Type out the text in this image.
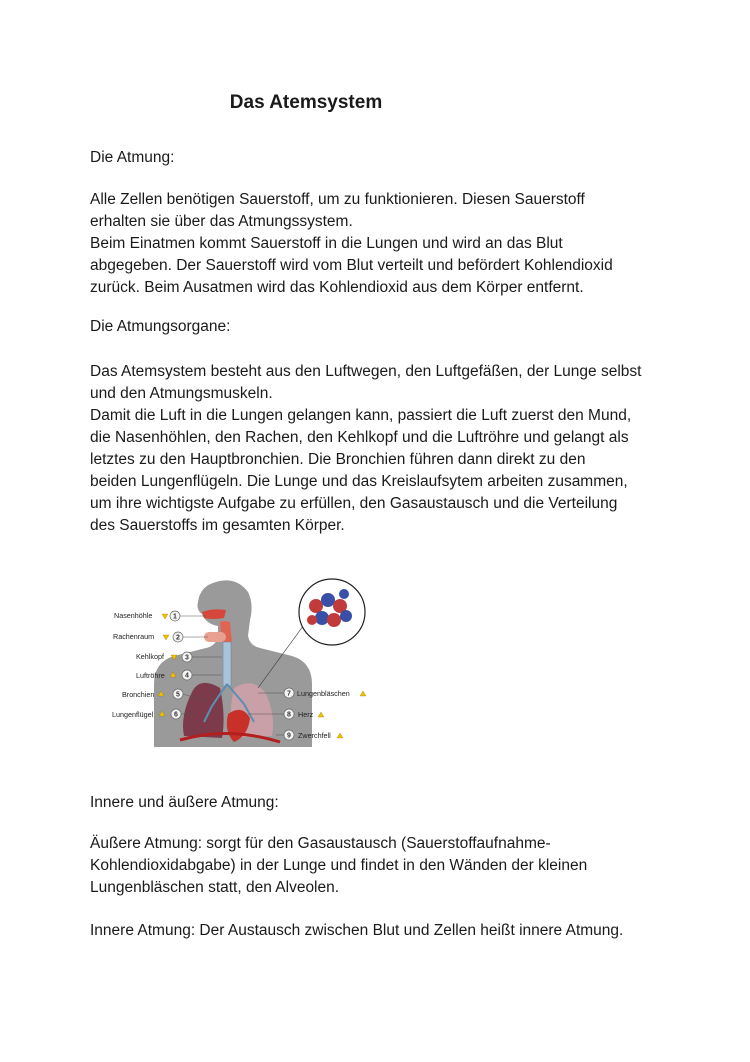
Das Atemsystem
Die Atmung:
Alle Zellen benötigen Sauerstoff, um zu funktionieren. Diesen Sauerstoff
erhalten sie über das Atmungssystem.
Beim Einatmen kommt Sauerstoff in die Lungen und wird an das Blut
abgegeben. Der Sauerstoff wird vom Blut verteilt und befördert Kohlendioxid
zurück. Beim Ausatmen wird das Kohlendioxid aus dem Körper entfernt.
Die Atmungsorgane:
Das Atemsystem besteht aus den Luftwegen, den Luftgefäßen, der Lunge selbst
und den Atmungsmuskeln.
Damit die Luft in die Lungen gelangen kann, passiert die Luft zuerst den Mund,
die Nasenhöhlen, den Rachen, den Kehlkopf und die Luftröhre und gelangt als
letztes zu den Hauptbronchien. Die Bronchien führen dann direkt zu den
beiden Lungenflügeln. Die Lunge und das Kreislaufsytem arbeiten zusammen,
um ihre wichtigste Aufgabe zu erfüllen, den Gasaustausch und die Verteilung
des Sauerstoffs im gesamten Körper.
Nasenhöhle	1
Rachenraum	2
Kehlkopf	3
Luftröhre	4
Bronchien	5
Lungenflügel	6
7 Lungenbläschen
8 Herz
9 Zwerchfell
Innere und äußere Atmung:
Äußere Atmung: sorgt für den Gasaustausch (Sauerstoffaufnahme-
Kohlendioxidabgabe) in der Lunge und findet in den Wänden der kleinen
Lungenbläschen statt, den Alveolen.
Innere Atmung: Der Austausch zwischen Blut und Zellen heißt innere Atmung.
